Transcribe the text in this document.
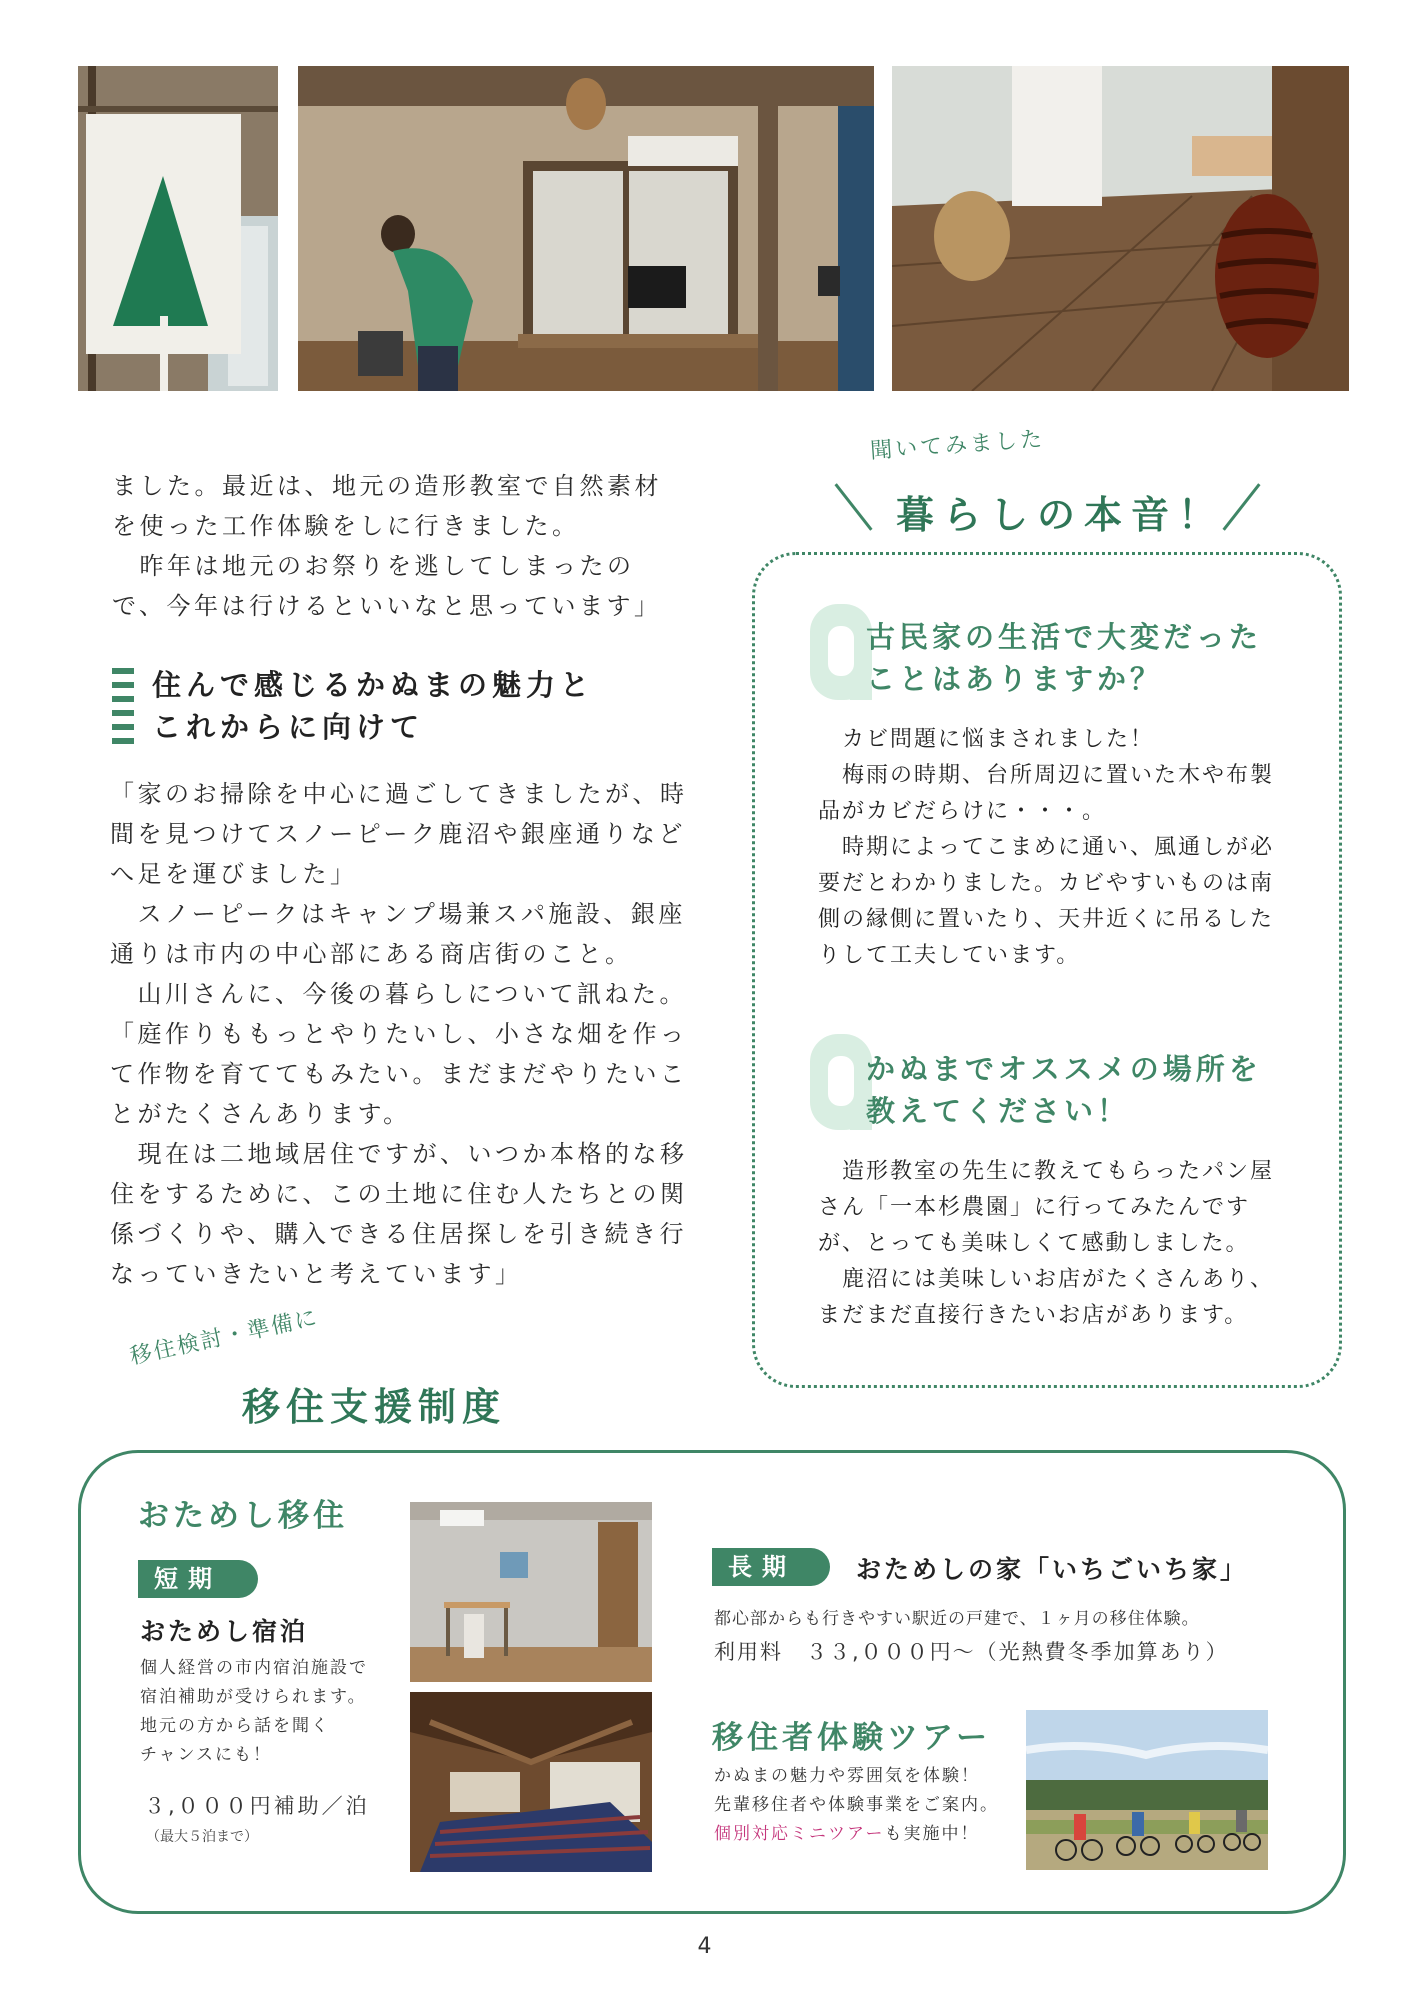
ました。最近は、地元の造形教室で自然素材
を使った工作体験をしに行きました。
　昨年は地元のお祭りを逃してしまったの
で、今年は行けるといいなと思っています」
住んで感じるかぬまの魅力と
これからに向けて
「家のお掃除を中心に過ごしてきましたが、時
間を見つけてスノーピーク鹿沼や銀座通りなど
へ足を運びました」
　スノーピークはキャンプ場兼スパ施設、銀座
通りは市内の中心部にある商店街のこと。
　山川さんに、今後の暮らしについて訊ねた。
「庭作りももっとやりたいし、小さな畑を作っ
て作物を育ててもみたい。まだまだやりたいこ
とがたくさんあります。
　現在は二地域居住ですが、いつか本格的な移
住をするために、この土地に住む人たちとの関
係づくりや、購入できる住居探しを引き続き行
なっていきたいと考えています」
聞いてみました
暮らしの本音！
古民家の生活で大変だった
ことはありますか？
　カビ問題に悩まされました！
　梅雨の時期、台所周辺に置いた木や布製
品がカビだらけに・・・。
　時期によってこまめに通い、風通しが必
要だとわかりました。カビやすいものは南
側の縁側に置いたり、天井近くに吊るした
りして工夫しています。
かぬまでオススメの場所を
教えてください！
　造形教室の先生に教えてもらったパン屋
さん「一本杉農園」に行ってみたんです
が、とっても美味しくて感動しました。
　鹿沼には美味しいお店がたくさんあり、
まだまだ直接行きたいお店があります。
移住検討・準備に
移住支援制度
おためし移住
短期
おためし宿泊
個人経営の市内宿泊施設で
宿泊補助が受けられます。
地元の方から話を聞く
チャンスにも！
３,０００円補助／泊
（最大５泊まで）
長期	おためしの家「いちごいち家」
都心部からも行きやすい駅近の戸建で、１ヶ月の移住体験。
利用料　３３,０００円〜（光熱費冬季加算あり）
移住者体験ツアー
かぬまの魅力や雰囲気を体験！
先輩移住者や体験事業をご案内。
個別対応ミニツアーも実施中！
4
